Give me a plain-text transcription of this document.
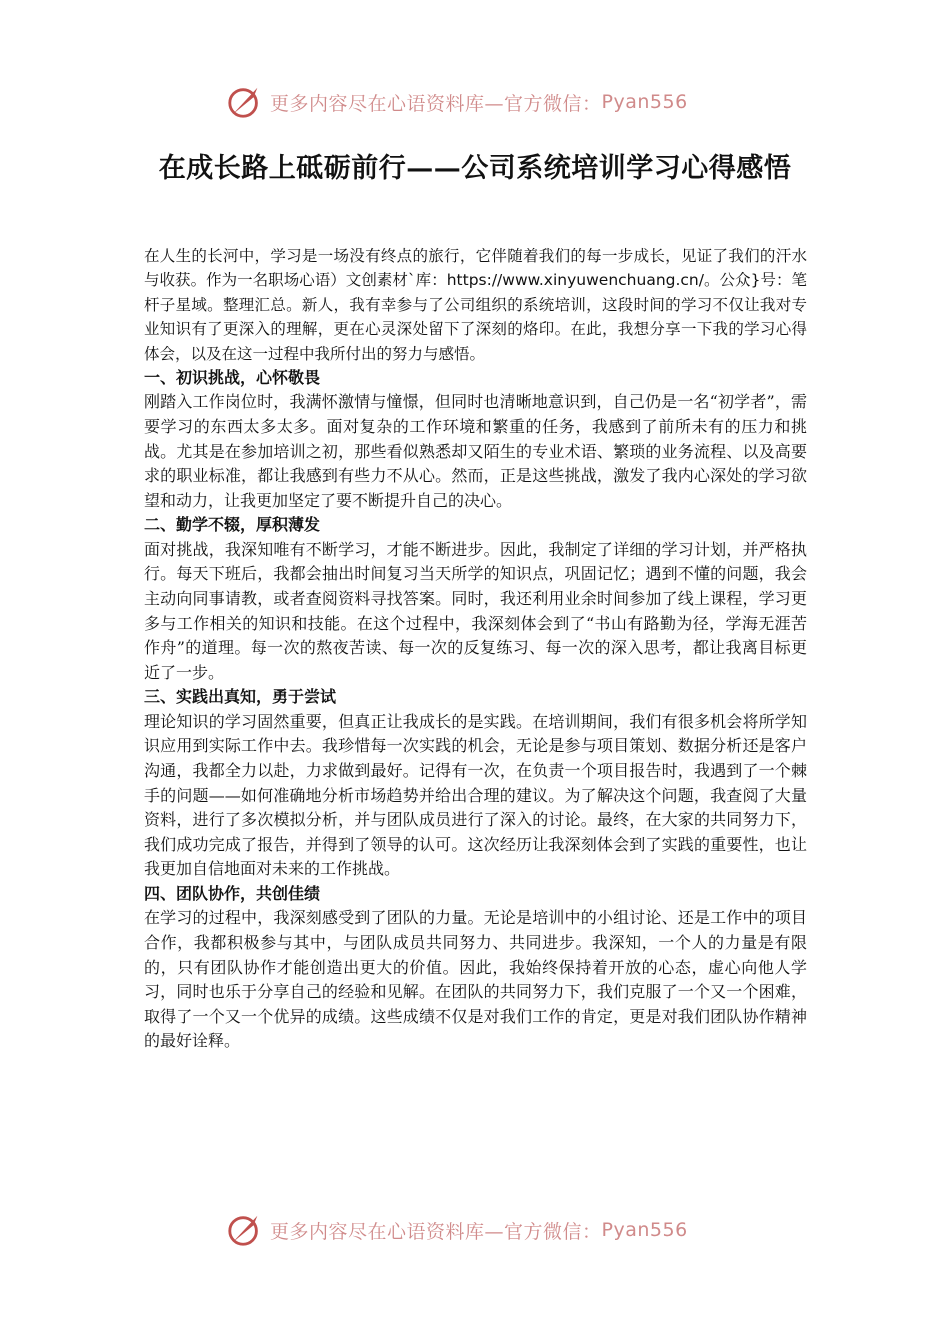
更多内容尽在心语资料库—官方微信： Pyan556
在成长路上砥砺前行——公司系统培训学习心得感悟

在人生的长河中，学习是一场没有终点的旅行，它伴随着我们的每一步成长，见证了我们的汗水与收获。作为一名职场心语）文创素材`库：https://www.xinyuwenchuang.cn/。公众}号：笔杆子星域。整理汇总。新人，我有幸参与了公司组织的系统培训，这段时间的学习不仅让我对专业知识有了更深入的理解，更在心灵深处留下了深刻的烙印。在此，我想分享一下我的学习心得体会，以及在这一过程中我所付出的努力与感悟。

一、初识挑战，心怀敬畏

刚踏入工作岗位时，我满怀激情与憧憬，但同时也清晰地意识到，自己仍是一名“初学者”，需要学习的东西太多太多。面对复杂的工作环境和繁重的任务，我感到了前所未有的压力和挑战。尤其是在参加培训之初，那些看似熟悉却又陌生的专业术语、繁琐的业务流程、以及高要求的职业标准，都让我感到有些力不从心。然而，正是这些挑战，激发了我内心深处的学习欲望和动力，让我更加坚定了要不断提升自己的决心。

二、勤学不辍，厚积薄发

面对挑战，我深知唯有不断学习，才能不断进步。因此，我制定了详细的学习计划，并严格执行。每天下班后，我都会抽出时间复习当天所学的知识点，巩固记忆；遇到不懂的问题，我会主动向同事请教，或者查阅资料寻找答案。同时，我还利用业余时间参加了线上课程，学习更多与工作相关的知识和技能。在这个过程中，我深刻体会到了“书山有路勤为径，学海无涯苦作舟”的道理。每一次的熬夜苦读、每一次的反复练习、每一次的深入思考，都让我离目标更近了一步。

三、实践出真知，勇于尝试

理论知识的学习固然重要，但真正让我成长的是实践。在培训期间，我们有很多机会将所学知识应用到实际工作中去。我珍惜每一次实践的机会，无论是参与项目策划、数据分析还是客户沟通，我都全力以赴，力求做到最好。记得有一次，在负责一个项目报告时，我遇到了一个棘手的问题——如何准确地分析市场趋势并给出合理的建议。为了解决这个问题，我查阅了大量资料，进行了多次模拟分析，并与团队成员进行了深入的讨论。最终，在大家的共同努力下，我们成功完成了报告，并得到了领导的认可。这次经历让我深刻体会到了实践的重要性，也让我更加自信地面对未来的工作挑战。

四、团队协作，共创佳绩

在学习的过程中，我深刻感受到了团队的力量。无论是培训中的小组讨论、还是工作中的项目合作，我都积极参与其中，与团队成员共同努力、共同进步。我深知，一个人的力量是有限的，只有团队协作才能创造出更大的价值。因此，我始终保持着开放的心态，虚心向他人学习，同时也乐于分享自己的经验和见解。在团队的共同努力下，我们克服了一个又一个困难，取得了一个又一个优异的成绩。这些成绩不仅是对我们工作的肯定，更是对我们团队协作精神的最好诠释。

更多内容尽在心语资料库—官方微信： Pyan556
